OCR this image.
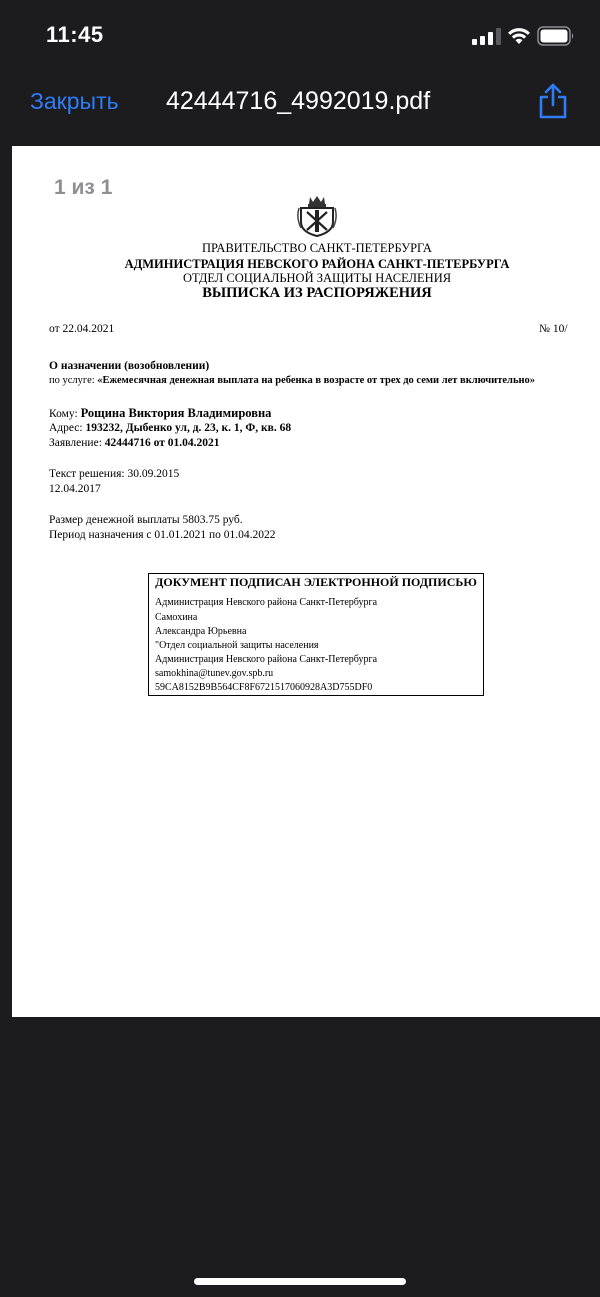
11:45
Закрыть 42444716_4992019.pdf
1 из 1
ПРАВИТЕЛЬСТВО САНКТ-ПЕТЕРБУРГА
АДМИНИСТРАЦИЯ НЕВСКОГО РАЙОНА САНКТ-ПЕТЕРБУРГА
ОТДЕЛ СОЦИАЛЬНОЙ ЗАЩИТЫ НАСЕЛЕНИЯ
ВЫПИСКА ИЗ РАСПОРЯЖЕНИЯ
от 22.04.2021	№ 10/
О назначении (возобновлении)
по услуге: «Ежемесячная денежная выплата на ребенка в возрасте от трех до семи лет включительно»
Кому: Рощина Виктория Владимировна
Адрес: 193232, Дыбенко ул, д. 23, к. 1, Ф, кв. 68
Заявление: 42444716 от 01.04.2021
Текст решения: 30.09.2015
12.04.2017
Размер денежной выплаты 5803.75 руб.
Период назначения с 01.01.2021 по 01.04.2022
ДОКУМЕНТ ПОДПИСАН ЭЛЕКТРОННОЙ ПОДПИСЬЮ
Администрация Невского района Санкт-Петербурга
Самохина
Александра Юрьевна
"Отдел социальной защиты населения
Администрация Невского района Санкт-Петербурга
samokhina@tunev.gov.spb.ru
59CA8152B9B564CF8F6721517060928A3D755DF0
